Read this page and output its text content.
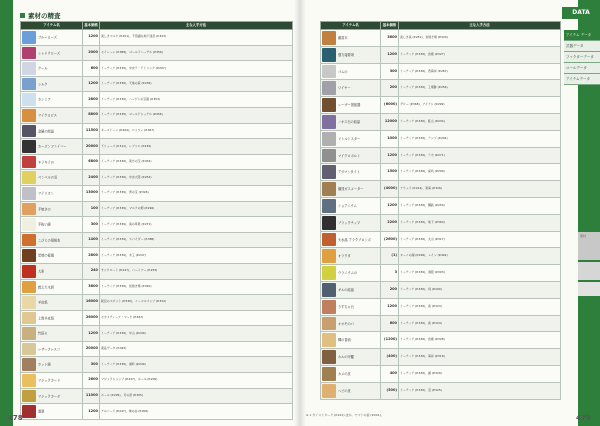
素材の精査
アイテム名	基本価格	主な入手方法
ブルーローズ	1200	美しきマルク (P.251)、不思議な地下迷宮 (P.323)
シャドウローズ	2000	セイレーン (P.388)、ゴールドハーデル (P.356)
クール	600	ミーティア (P.339)、中央ラ・ドトリック (P.297)
シルク	1200	ミーティア (P.339)、天地の蔵 (P.236)
カシミア	2800	ミーティア (P.339)、ハーゲンの宝箱 (P.353)
マイクロビス	8800	ミーティア (P.339)、ゴールドシュテル (P.456)
金属の結晶	11500	キーストーン (P.404)、ロッツェ (P.367)
カーボンファイバー	20000	ドリューズ (P.311)、レプリエ (P.245)
キラキラの	6800	ミーティア (P.339)、東方の宝 (P.432)
ペンベルの羽	2400	ミーティア (P.339)、中央大陸 (P.254)
マテリオン	13000	ミーティア (P.339)、青の宝 (P.326)
芋焼きの	100	ミーティア (P.339)、マルクの畑 (P.296)
手抜い綿	300	ミーティア (P.339)、南の草原 (P.271)
こびとの屋根糸	1400	ミーティア (P.339)、スパイダー (P.388)
炭焼の板端	2800	ミーティア (P.339)、木工 (P.247)
大車	240	サンクロート (P.247)、パートナー (P.255)
燃えた木屑	3600	ミーティア (P.339)、炭焼き場 (P.320)
羊皮紙	16000	秘密のスポット (P.530)、ノーマルマップ (P.334)
上質羊皮紙	26000	セカスティーア・マーク (P.567)
竹笹セ	1200	ミーティア (P.339)、中山 (P.240)
レザーフレスコ	20000	素品データ (P.345)
ホット綿	300	ミーティア (P.339)、港町 (P.240)
マジックカード	2600	マジックショップ (P.247)、ホール (P.205)
マジックカーボ	11000	ホール (P.205)、月の祭 (P.305)
翡翠	1200	アルバーズ (P.247)、神の谷 (P.206)
アイテム名	基本価格	主な入手方法
藤香木	3600	美しき森 (P.251)、炭焼き場 (P.320)
強力接着剤	1200	ミーティア (P.339)、倉庫 (P.327)
ゴムの	300	ミーティア (P.339)、西海岸 (P.267)
ワイヤー	200	ミーティア (P.339)、工場跡 (P.256)
レーザー発振器	(6000)	グロー (P.368)、アイアン (P.299)
ノキス石の結晶	12000	ミーティア (P.339)、鉱山 (P.234)
リトルトスター	1000	ミーティア (P.339)、ランプ (P.204)
マイクロボルト	1200	ミーティア (P.339)、ラボ (P.271)
アダマンタイト	1500	ミーティア (P.339)、廃坑 (P.290)
爆烈ガスメーター	(4000)	アウェイ (P.214)、東海 (P.326)
ショアニウム	1200	ミーティア (P.339)、鋼鉄 (P.254)
ブラックチップ	2200	ミーティア (P.339)、地下 (P.360)
火水晶 アラクブロンズ	(2600)	ミーティア (P.339)、火山 (P.317)
オラクタ	(1)	ヌーノの湖 (P.296)、レイン (P.402)
ウラニウムの	3	ミーティア (P.339)、洞窟 (P.303)
ギルの結晶	200	ミーティア (P.339)、祠 (P.290)
りすちゃ台	1200	ミーティア (P.339)、森 (P.323)
オオモのパ	600	ミーティア (P.339)、森 (P.324)
樽の香油	(1200)	ミーティア (P.339)、倉庫 (P.328)
ホルの甲羅	(400)	ミーティア (P.339)、海岸 (P.318)
カメの皮	400	ミーティア (P.339)、湖 (P.320)
ヘビの皮	(500)	ミーティア (P.339)、沼 (P.325)
DATA
アイテム データ
武器データ
ファクターデータ
ロールデータ
アイテムデータ
素材
※ 1 ガイストターク (P.221) ほか。ヤマトの宿 (P.241)。
478	479
